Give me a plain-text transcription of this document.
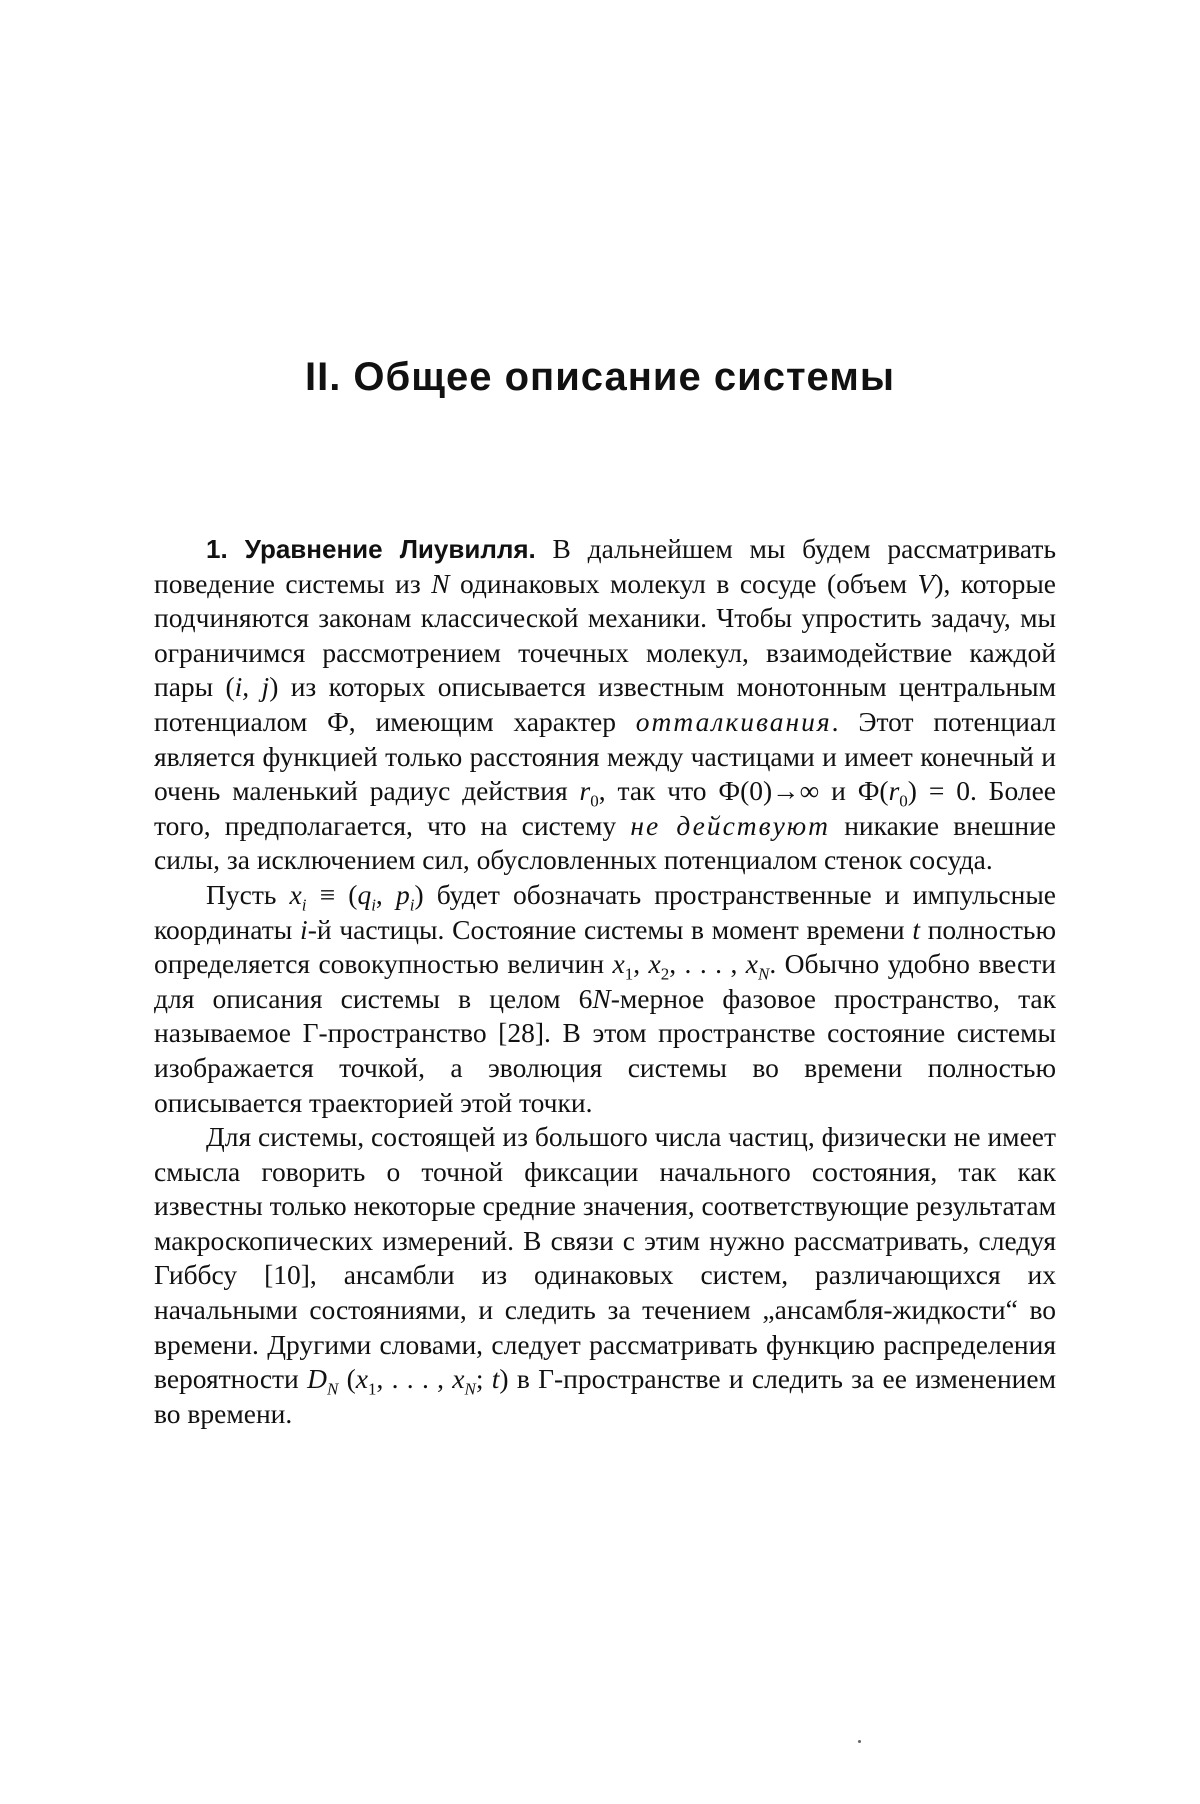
II. Общее описание системы

1. Уравнение Лиувилля. В дальнейшем мы будем рассматривать поведение системы из N одинаковых молекул в сосуде (объем V), которые подчиняются законам классической механики. Чтобы упростить задачу, мы ограничимся рассмотрением точечных молекул, взаимодействие каждой пары (i, j) из которых описывается известным монотонным центральным потенциалом Ф, имеющим характер отталкивания. Этот потенциал является функцией только расстояния между частицами и имеет конечный и очень маленький радиус действия $r_0$, так что Ф(0)→∞ и $Ф(r_0) = 0$. Более того, предполагается, что на систему не действуют никакие внешние силы, за исключением сил, обусловленных потенциалом стенок сосуда.

Пусть $x_i \equiv (q_i$, $p_i$) будет обозначать пространственные и импульсные координаты i-й частицы. Состояние системы в момент времени t полностью определяется совокупностью величин $x_1$, $x_2$, . . . , $x_N$. Обычно удобно ввести для описания системы в целом 6N-мерное фазовое пространство, так называемое Г-пространство [28]. В этом пространстве состояние системы изображается точкой, а эволюция системы во времени полностью описывается траекторией этой точки.

Для системы, состоящей из большого числа частиц, физически не имеет смысла говорить о точной фиксации начального состояния, так как известны только некоторые средние значения, соответствующие результатам макроскопических измерений. В связи с этим нужно рассматривать, следуя Гиббсу [10], ансамбли из одинаковых систем, различающихся их начальными состояниями, и следить за течением „ансамбля-жидкости“ во времени. Другими словами, следует рассматривать функцию распределения вероятности $D_N$ ($x_1$, . . . , $x_N$; t) в Г-пространстве и следить за ее изменением во времени.
